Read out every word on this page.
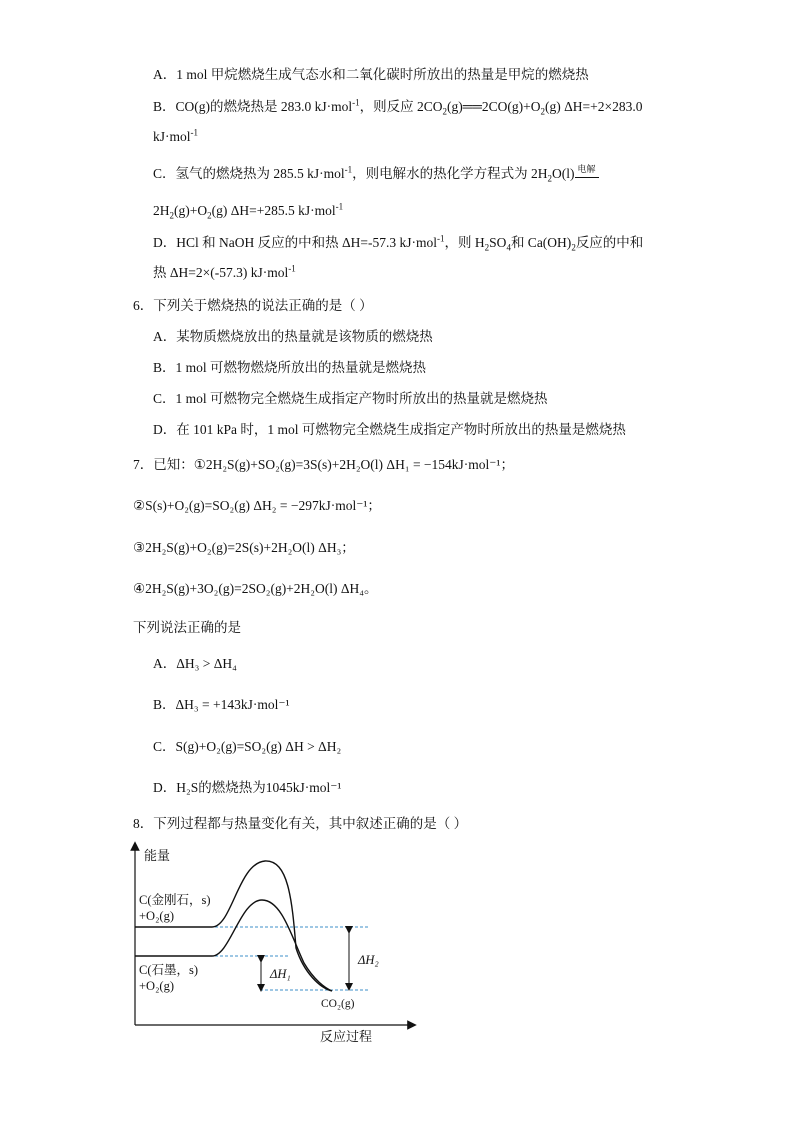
A．1 mol 甲烷燃烧生成气态水和二氧化碳时所放出的热量是甲烷的燃烧热
B．CO(g)的燃烧热是 283.0 kJ·mol$^{-1}$，则反应 $2CO_2(g)══2CO(g)+O_2(g)$ ΔH=+2×283.0
kJ·mol$^{-1}$
C．氢气的燃烧热为 285.5 kJ·mol$^{-1}$，则电解水的热化学方程式为 $2H_2O(l)$ 电解
$2H_2(g)+O_2(g)$ ΔH=+285.5 kJ·mol$^{-1}$
D．HCl 和 NaOH 反应的中和热 ΔH=-57.3 kJ·mol$^{-1}$，则 $H_2SO_4$和 $Ca(OH)_2$反应的中和
热 ΔH=2×(-57.3) kJ·mol$^{-1}$
6．下列关于燃烧热的说法正确的是（ ）
A．某物质燃烧放出的热量就是该物质的燃烧热
B．1 mol 可燃物燃烧所放出的热量就是燃烧热
C．1 mol 可燃物完全燃烧生成指定产物时所放出的热量就是燃烧热
D．在 101 kPa 时，1 mol 可燃物完全燃烧生成指定产物时所放出的热量是燃烧热
7．已知：①2H₂S(g)+SO₂(g)=3S(s)+2H₂O(l) ΔH₁ = −154kJ·mol⁻¹；
②S(s)+O₂(g)=SO₂(g) ΔH₂ = −297kJ·mol⁻¹；
③2H₂S(g)+O₂(g)=2S(s)+2H₂O(l) ΔH₃；
④2H₂S(g)+3O₂(g)=2SO₂(g)+2H₂O(l) ΔH₄。
下列说法正确的是
A．ΔH₃ > ΔH₄
B．ΔH₃ = +143kJ·mol⁻¹
C．S(g)+O₂(g)=SO₂(g) ΔH > ΔH₂
D．H₂S的燃烧热为1045kJ·mol⁻¹
8．下列过程都与热量变化有关，其中叙述正确的是（ ）
能量
反应过程
C(金刚石，s)
+O₂(g)
C(石墨，s)
+O₂(g)
CO₂(g)
ΔH₁
ΔH₂
